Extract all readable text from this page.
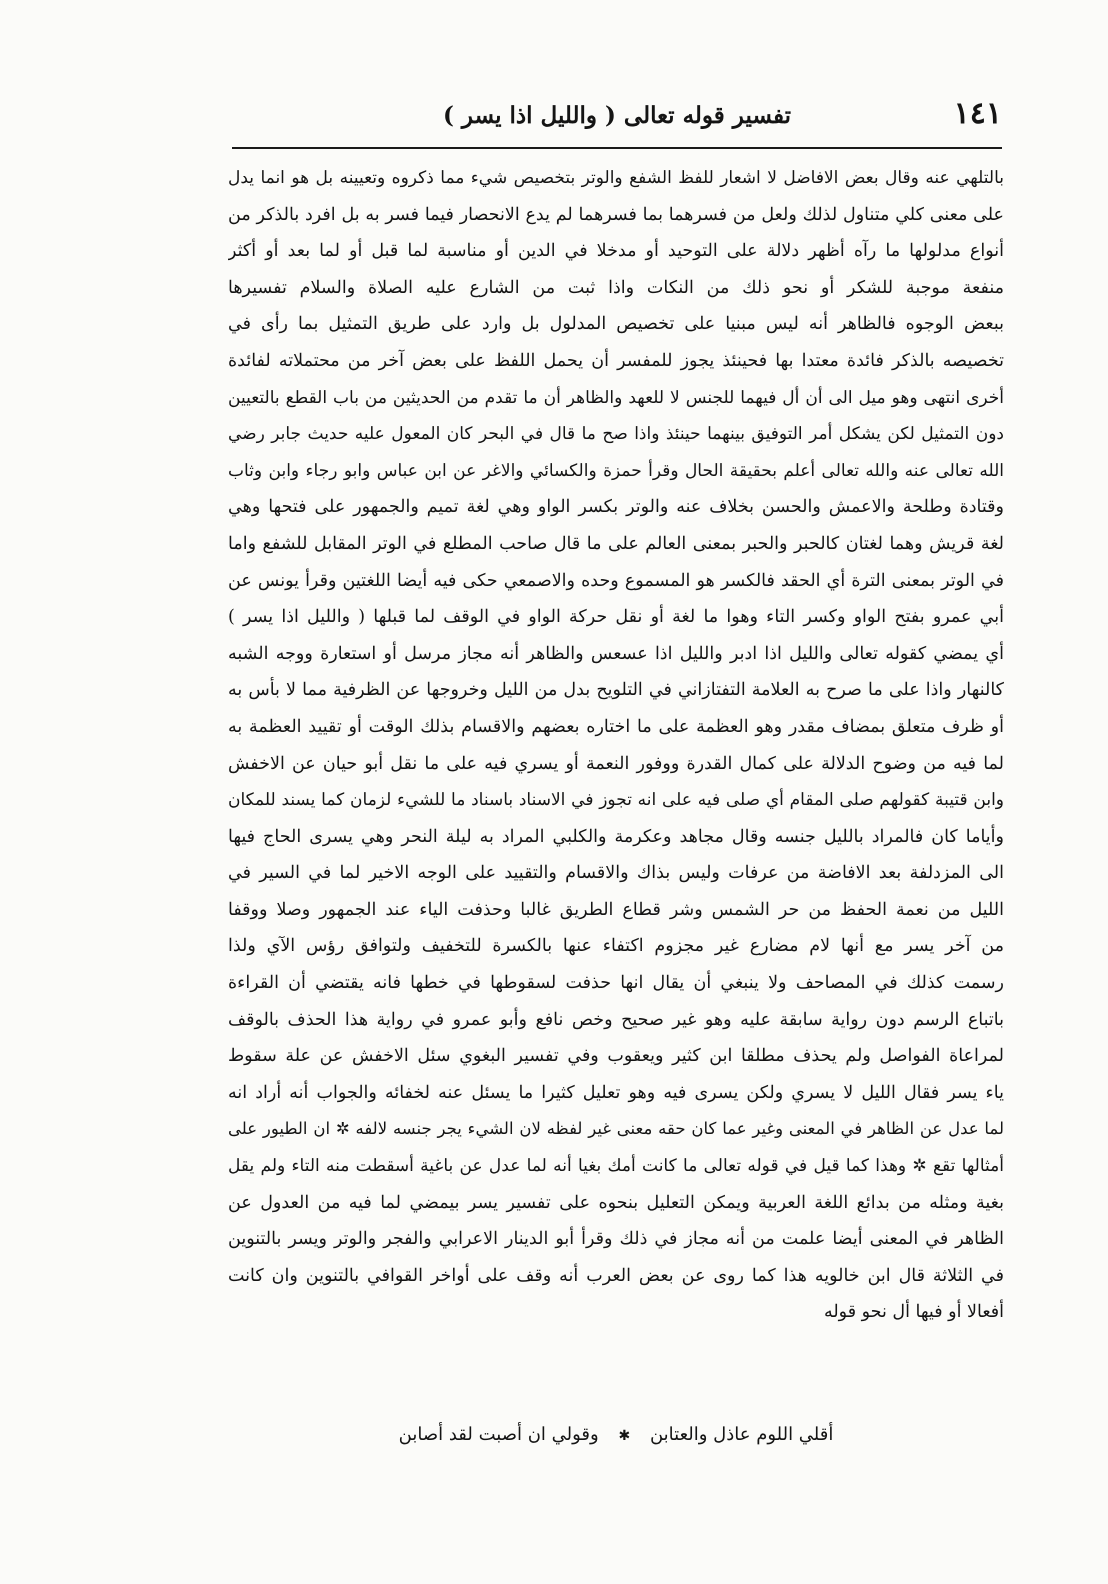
١٤١
تفسير قوله تعالى ( والليل اذا يسر )
بالتلهي عنه وقال بعض الافاضل لا اشعار للفظ الشفع والوتر بتخصيص شيء مما ذكروه وتعيينه بل هو انما يدل
على معنى كلي متناول لذلك ولعل من فسرهما بما فسرهما لم يدع الانحصار فيما فسر به بل افرد بالذكر من
أنواع مدلولها ما رآه أظهر دلالة على التوحيد أو مدخلا في الدين أو مناسبة لما قبل أو لما بعد أو أكثر
منفعة موجبة للشكر أو نحو ذلك من النكات واذا ثبت من الشارع عليه الصلاة والسلام تفسيرها
ببعض الوجوه فالظاهر أنه ليس مبنيا على تخصيص المدلول بل وارد على طريق التمثيل بما رأى في
تخصيصه بالذكر فائدة معتدا بها فحينئذ يجوز للمفسر أن يحمل اللفظ على بعض آخر من محتملاته لفائدة
أخرى انتهى وهو ميل الى أن أل فيهما للجنس لا للعهد والظاهر أن ما تقدم من الحديثين من باب القطع بالتعيين
دون التمثيل لكن يشكل أمر التوفيق بينهما حينئذ واذا صح ما قال في البحر كان المعول عليه حديث جابر رضي
الله تعالى عنه والله تعالى أعلم بحقيقة الحال وقرأ حمزة والكسائي والاغر عن ابن عباس وابو رجاء وابن وثاب
وقتادة وطلحة والاعمش والحسن بخلاف عنه والوتر بكسر الواو وهي لغة تميم والجمهور على فتحها وهي
لغة قريش وهما لغتان كالحبر والحبر بمعنى العالم على ما قال صاحب المطلع في الوتر المقابل للشفع واما
في الوتر بمعنى الترة أي الحقد فالكسر هو المسموع وحده والاصمعي حكى فيه أيضا اللغتين وقرأ يونس عن
أبي عمرو بفتح الواو وكسر التاء وهوا ما لغة أو نقل حركة الواو في الوقف لما قبلها ( والليل اذا يسر )
أي يمضي كقوله تعالى والليل اذا ادبر والليل اذا عسعس والظاهر أنه مجاز مرسل أو استعارة ووجه الشبه
كالنهار واذا على ما صرح به العلامة التفتازاني في التلويح بدل من الليل وخروجها عن الظرفية مما لا بأس به
أو ظرف متعلق بمضاف مقدر وهو العظمة على ما اختاره بعضهم والاقسام بذلك الوقت أو تقييد العظمة به
لما فيه من وضوح الدلالة على كمال القدرة ووفور النعمة أو يسري فيه على ما نقل أبو حيان عن الاخفش
وابن قتيبة كقولهم صلى المقام أي صلى فيه على انه تجوز في الاسناد باسناد ما للشيء لزمان كما يسند للمكان
وأياما كان فالمراد بالليل جنسه وقال مجاهد وعكرمة والكلبي المراد به ليلة النحر وهي يسرى الحاج فيها
الى المزدلفة بعد الافاضة من عرفات وليس بذاك والاقسام والتقييد على الوجه الاخير لما في السير في
الليل من نعمة الحفظ من حر الشمس وشر قطاع الطريق غالبا وحذفت الياء عند الجمهور وصلا ووقفا
من آخر يسر مع أنها لام مضارع غير مجزوم اكتفاء عنها بالكسرة للتخفيف ولتوافق رؤس الآي ولذا
رسمت كذلك في المصاحف ولا ينبغي أن يقال انها حذفت لسقوطها في خطها فانه يقتضي أن القراءة
باتباع الرسم دون رواية سابقة عليه وهو غير صحيح وخص نافع وأبو عمرو في رواية هذا الحذف بالوقف
لمراعاة الفواصل ولم يحذف مطلقا ابن كثير ويعقوب وفي تفسير البغوي سئل الاخفش عن علة سقوط
ياء يسر فقال الليل لا يسري ولكن يسرى فيه وهو تعليل كثيرا ما يسئل عنه لخفائه والجواب أنه أراد انه
لما عدل عن الظاهر في المعنى وغير عما كان حقه معنى غير لفظه لان الشيء يجر جنسه لالفه ✲ ان الطيور على
أمثالها تقع ✲ وهذا كما قيل في قوله تعالى ما كانت أمك بغيا أنه لما عدل عن باغية أسقطت منه التاء ولم يقل
بغية ومثله من بدائع اللغة العربية ويمكن التعليل بنحوه على تفسير يسر بيمضي لما فيه من العدول عن
الظاهر في المعنى أيضا علمت من أنه مجاز في ذلك وقرأ أبو الدينار الاعرابي والفجر والوتر ويسر بالتنوين
في الثلاثة قال ابن خالويه هذا كما روى عن بعض العرب أنه وقف على أواخر القوافي بالتنوين وان كانت
أفعالا أو فيها أل نحو قوله
أقلي اللوم عاذل والعتابن ✱ وقولي ان أصبت لقد أصابن
